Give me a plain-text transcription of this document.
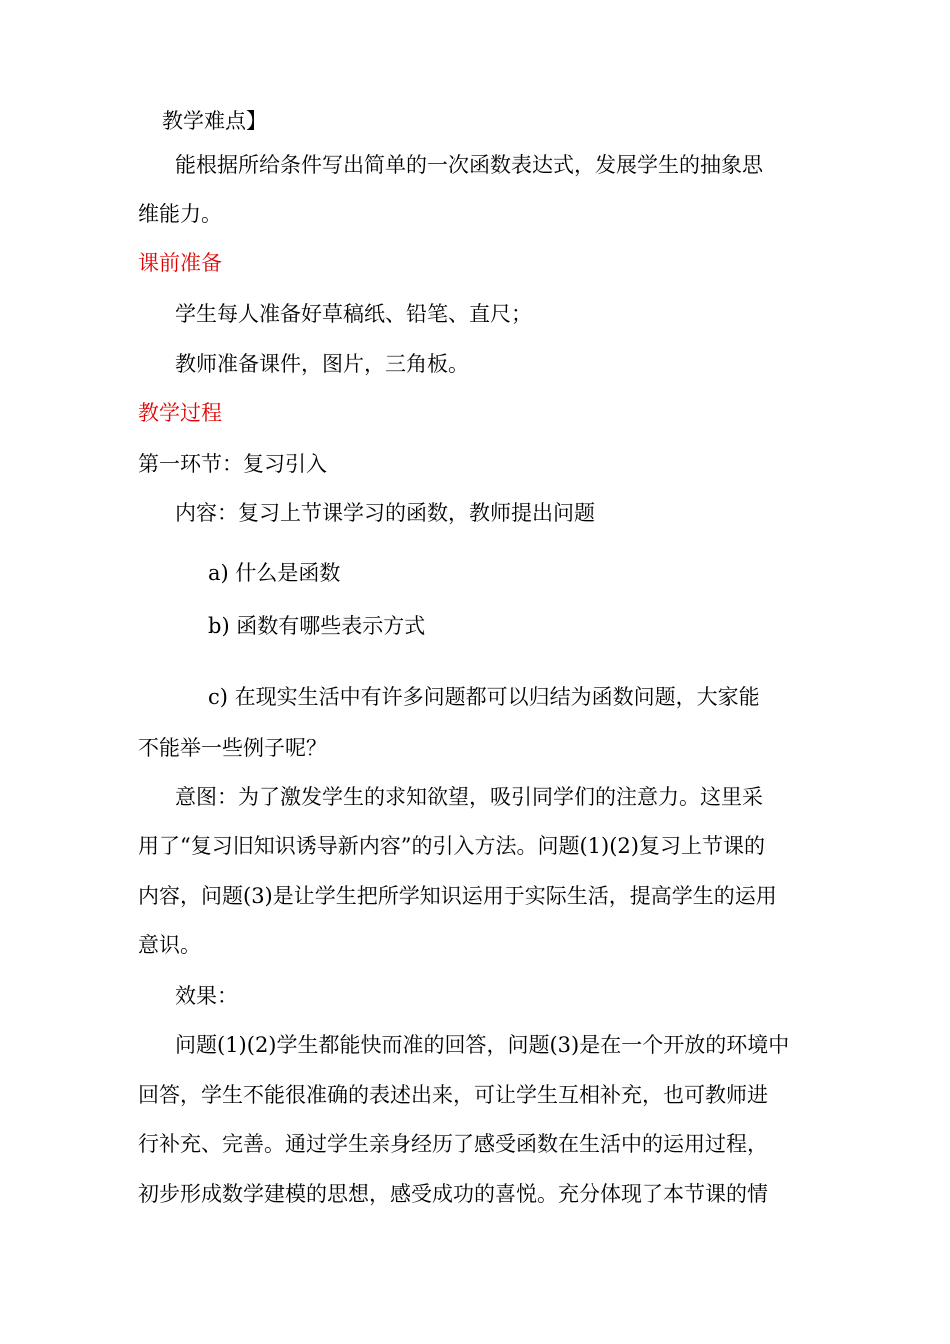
教学难点】
能根据所给条件写出简单的一次函数表达式，发展学生的抽象思
维能力。
课前准备
学生每人准备好草稿纸、铅笔、直尺；
教师准备课件，图片，三角板。
教学过程
第一环节：复习引入
内容：复习上节课学习的函数，教师提出问题
a) 什么是函数
b) 函数有哪些表示方式
c) 在现实生活中有许多问题都可以归结为函数问题，大家能
不能举一些例子呢？
意图：为了激发学生的求知欲望，吸引同学们的注意力。这里采
用了“复习旧知识诱导新内容”的引入方法。问题(1)(2)复习上节课的
内容，问题(3)是让学生把所学知识运用于实际生活，提高学生的运用
意识。
效果：
问题(1)(2)学生都能快而准的回答，问题(3)是在一个开放的环境中
回答，学生不能很准确的表述出来，可让学生互相补充，也可教师进
行补充、完善。通过学生亲身经历了感受函数在生活中的运用过程，
初步形成数学建模的思想，感受成功的喜悦。充分体现了本节课的情
